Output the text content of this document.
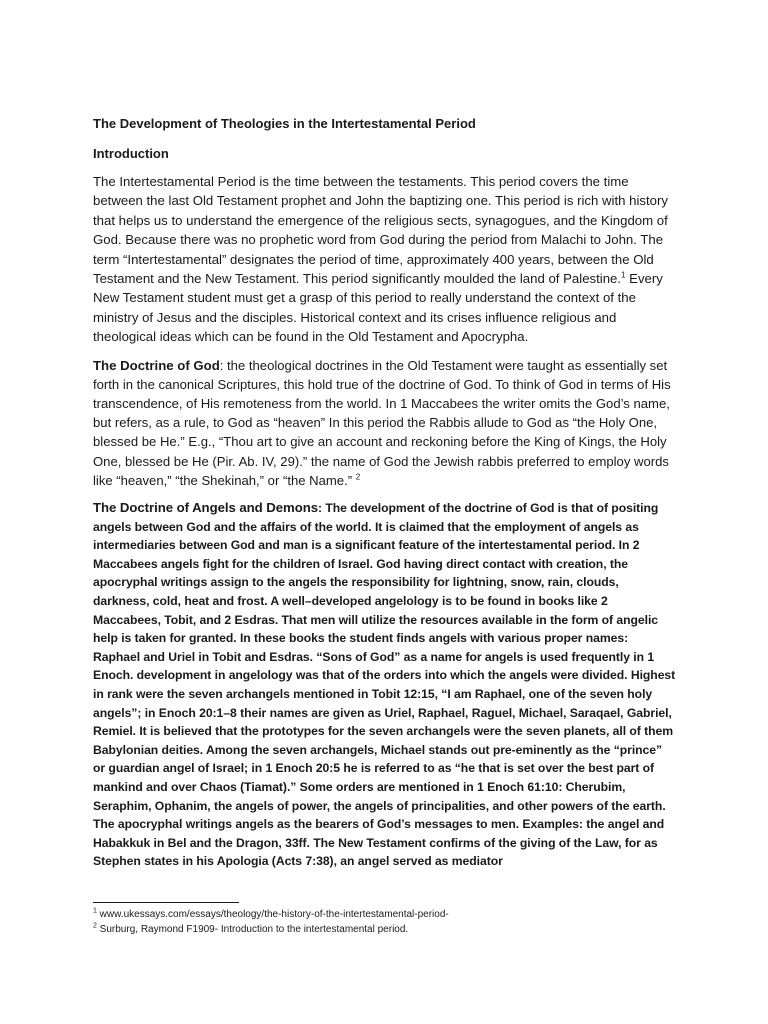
The Development of Theologies in the Intertestamental Period

Introduction

The Intertestamental Period is the time between the testaments. This period covers the time between the last Old Testament prophet and John the baptizing one. This period is rich with history that helps us to understand the emergence of the religious sects, synagogues, and the Kingdom of God. Because there was no prophetic word from God during the period from Malachi to John. The term “Intertestamental” designates the period of time, approximately 400 years, between the Old Testament and the New Testament. This period significantly moulded the land of Palestine.$^1$ Every New Testament student must get a grasp of this period to really understand the context of the ministry of Jesus and the disciples. Historical context and its crises influence religious and theological ideas which can be found in the Old Testament and Apocrypha.

The Doctrine of God: the theological doctrines in the Old Testament were taught as essentially set forth in the canonical Scriptures, this hold true of the doctrine of God. To think of God in terms of His transcendence, of His remoteness from the world. In 1 Maccabees the writer omits the God’s name, but refers, as a rule, to God as “heaven” In this period the Rabbis allude to God as “the Holy One, blessed be He.” E.g., “Thou art to give an account and reckoning before the King of Kings, the Holy One, blessed be He (Pir. Ab. IV, 29).” the name of God the Jewish rabbis preferred to employ words like “heaven,” “the Shekinah,” or “the Name.” $^2$

The Doctrine of Angels and Demons: The development of the doctrine of God is that of positing angels between God and the affairs of the world. It is claimed that the employment of angels as intermediaries between God and man is a significant feature of the intertestamental period. In 2 Maccabees angels fight for the children of Israel. God having direct contact with creation, the apocryphal writings assign to the angels the responsibility for lightning, snow, rain, clouds, darkness, cold, heat and frost. A well–developed angelology is to be found in books like 2 Maccabees, Tobit, and 2 Esdras. That men will utilize the resources available in the form of angelic help is taken for granted. In these books the student finds angels with various proper names: Raphael and Uriel in Tobit and Esdras. “Sons of God” as a name for angels is used frequently in 1 Enoch. development in angelology was that of the orders into which the angels were divided. Highest in rank were the seven archangels mentioned in Tobit 12:15, “I am Raphael, one of the seven holy angels”; in Enoch 20:1–8 their names are given as Uriel, Raphael, Raguel, Michael, Saraqael, Gabriel, Remiel. It is believed that the prototypes for the seven archangels were the seven planets, all of them Babylonian deities. Among the seven archangels, Michael stands out pre-eminently as the “prince” or guardian angel of Israel; in 1 Enoch 20:5 he is referred to as “he that is set over the best part of mankind and over Chaos (Tiamat).” Some orders are mentioned in 1 Enoch 61:10: Cherubim, Seraphim, Ophanim, the angels of power, the angels of principalities, and other powers of the earth. The apocryphal writings angels as the bearers of God’s messages to men. Examples: the angel and Habakkuk in Bel and the Dragon, 33ff. The New Testament confirms of the giving of the Law, for as Stephen states in his Apologia (Acts 7:38), an angel served as mediator

$^1$ www.ukessays.com/essays/theology/the-history-of-the-intertestamental-period-

$^2$ Surburg, Raymond F1909- Introduction to the intertestamental period.
